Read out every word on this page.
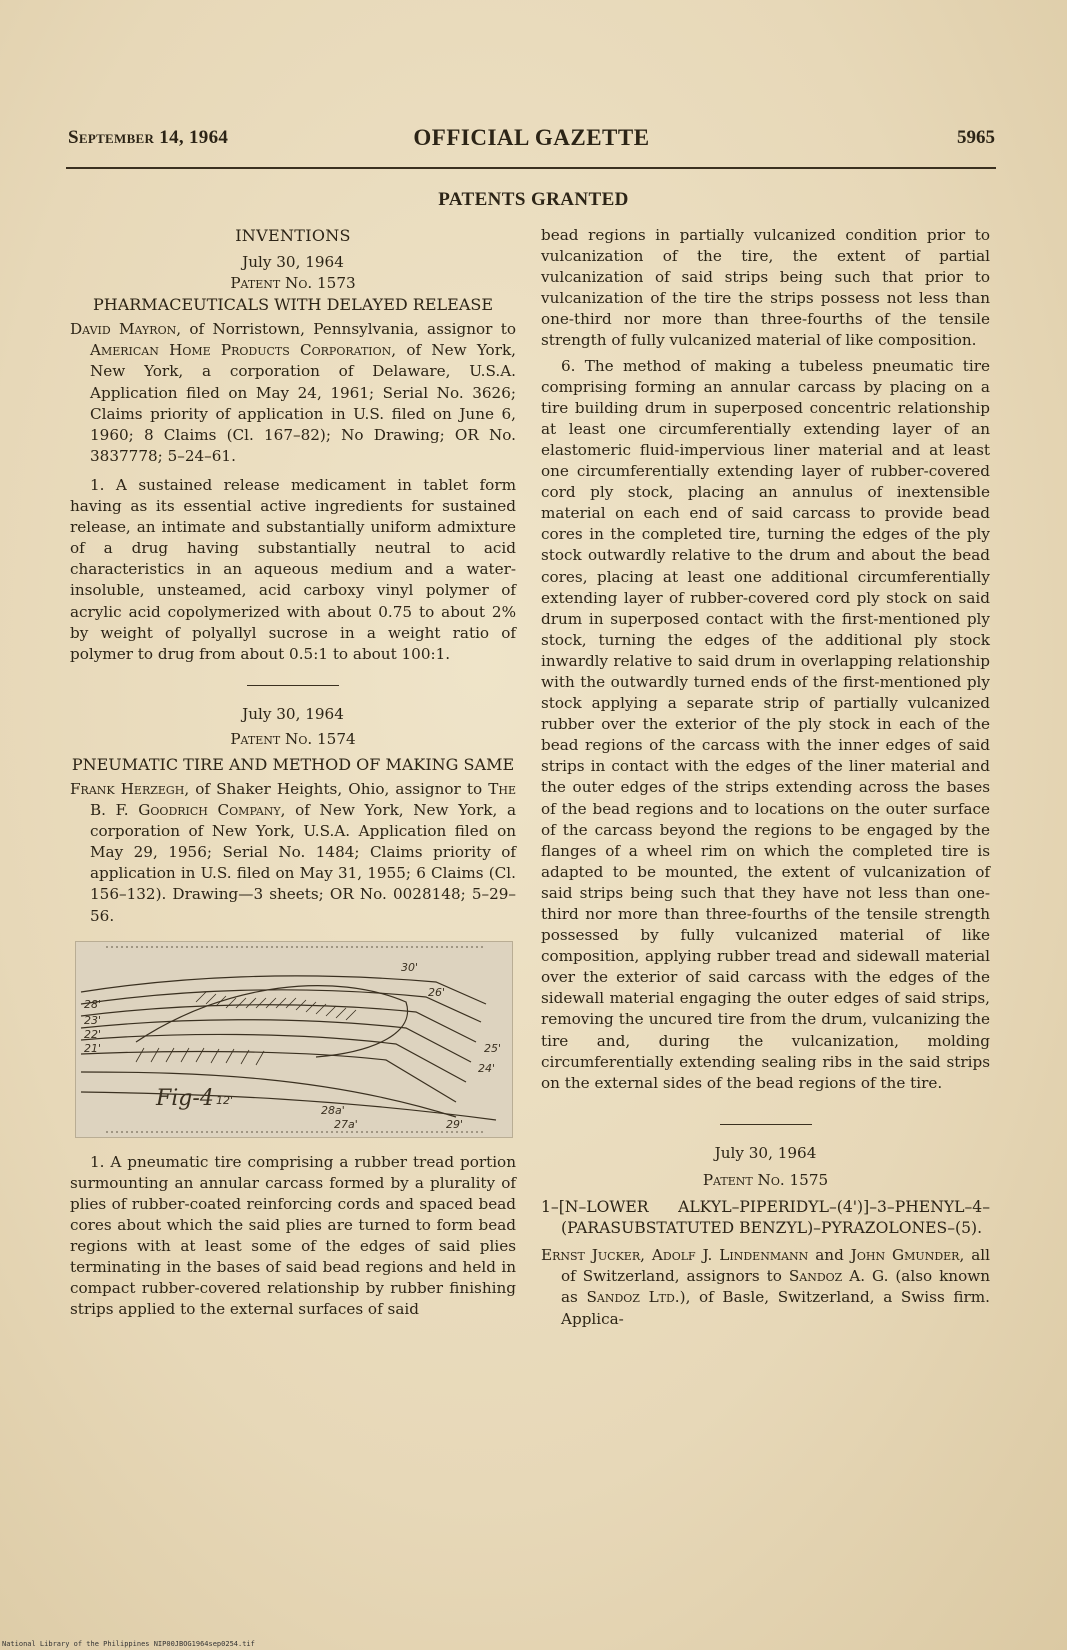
September 14, 1964	OFFICIAL GAZETTE	5965
PATENTS GRANTED

INVENTIONS

July 30, 1964

Patent No. 1573

PHARMACEUTICALS WITH DELAYED RELEASE

David Mayron, of Norristown, Pennsylvania, assignor to American Home Products Corporation, of New York, New York, a corporation of Delaware, U.S.A. Application filed on May 24, 1961; Serial No. 3626; Claims priority of application in U.S. filed on June 6, 1960; 8 Claims (Cl. 167–82); No Drawing; OR No. 3837778; 5–24–61.

1. A sustained release medicament in tablet form having as its essential active ingredients for sustained release, an intimate and substantially uniform admixture of a drug having substantially neutral to acid characteristics in an aqueous medium and a water-insoluble, unsteamed, acid carboxy vinyl polymer of acrylic acid copolymerized with about 0.75 to about 2% by weight of polyallyl sucrose in a weight ratio of polymer to drug from about 0.5:1 to about 100:1.

July 30, 1964

Patent No. 1574

PNEUMATIC TIRE AND METHOD OF MAKING SAME

Frank Herzegh, of Shaker Heights, Ohio, assignor to The B. F. Goodrich Company, of New York, New York, a corporation of New York, U.S.A. Application filed on May 29, 1956; Serial No. 1484; Claims priority of application in U.S. filed on May 31, 1955; 6 Claims (Cl. 156–132). Drawing—3 sheets; OR No. 0028148; 5–29–56.

30'
26'
28'
23'
22'
21'	25'
24'
Fig-4 12'
28a'
27a'	29'

1. A pneumatic tire comprising a rubber tread portion surmounting an annular carcass formed by a plurality of plies of rubber-coated reinforcing cords and spaced bead cores about which the said plies are turned to form bead regions with at least some of the edges of said plies terminating in the bases of said bead regions and held in compact rubber-covered relationship by rubber finishing strips applied to the external surfaces of said

bead regions in partially vulcanized condition prior to vulcanization of the tire, the extent of partial vulcanization of said strips being such that prior to vulcanization of the tire the strips possess not less than one-third nor more than three-fourths of the tensile strength of fully vulcanized material of like composition.

6. The method of making a tubeless pneumatic tire comprising forming an annular carcass by placing on a tire building drum in superposed concentric relationship at least one circumferentially extending layer of an elastomeric fluid-impervious liner material and at least one circumferentially extending layer of rubber-covered cord ply stock, placing an annulus of inextensible material on each end of said carcass to provide bead cores in the completed tire, turning the edges of the ply stock outwardly relative to the drum and about the bead cores, placing at least one additional circumferentially extending layer of rubber-covered cord ply stock on said drum in superposed contact with the first-mentioned ply stock, turning the edges of the additional ply stock inwardly relative to said drum in overlapping relationship with the outwardly turned ends of the first-mentioned ply stock applying a separate strip of partially vulcanized rubber over the exterior of the ply stock in each of the bead regions of the carcass with the inner edges of said strips in contact with the edges of the liner material and the outer edges of the strips extending across the bases of the bead regions and to locations on the outer surface of the carcass beyond the regions to be engaged by the flanges of a wheel rim on which the completed tire is adapted to be mounted, the extent of vulcanization of said strips being such that they have not less than one-third nor more than three-fourths of the tensile strength possessed by fully vulcanized material of like composition, applying rubber tread and sidewall material over the exterior of said carcass with the edges of the sidewall material engaging the outer edges of said strips, removing the uncured tire from the drum, vulcanizing the tire and, during the vulcanization, molding circumferentially extending sealing ribs in the said strips on the external sides of the bead regions of the tire.

July 30, 1964

Patent No. 1575

1–[N–LOWER ALKYL–PIPERIDYL–(4')]–3–PHENYL–4–(PARASUBSTATUTED BENZYL)–PYRAZOLONES–(5).

Ernst Jucker, Adolf J. Lindenmann and John Gmunder, all of Switzerland, assignors to Sandoz A. G. (also known as Sandoz Ltd.), of Basle, Switzerland, a Swiss firm. Applica-

National Library of the Philippines NIP00JBOG1964sep0254.tif
